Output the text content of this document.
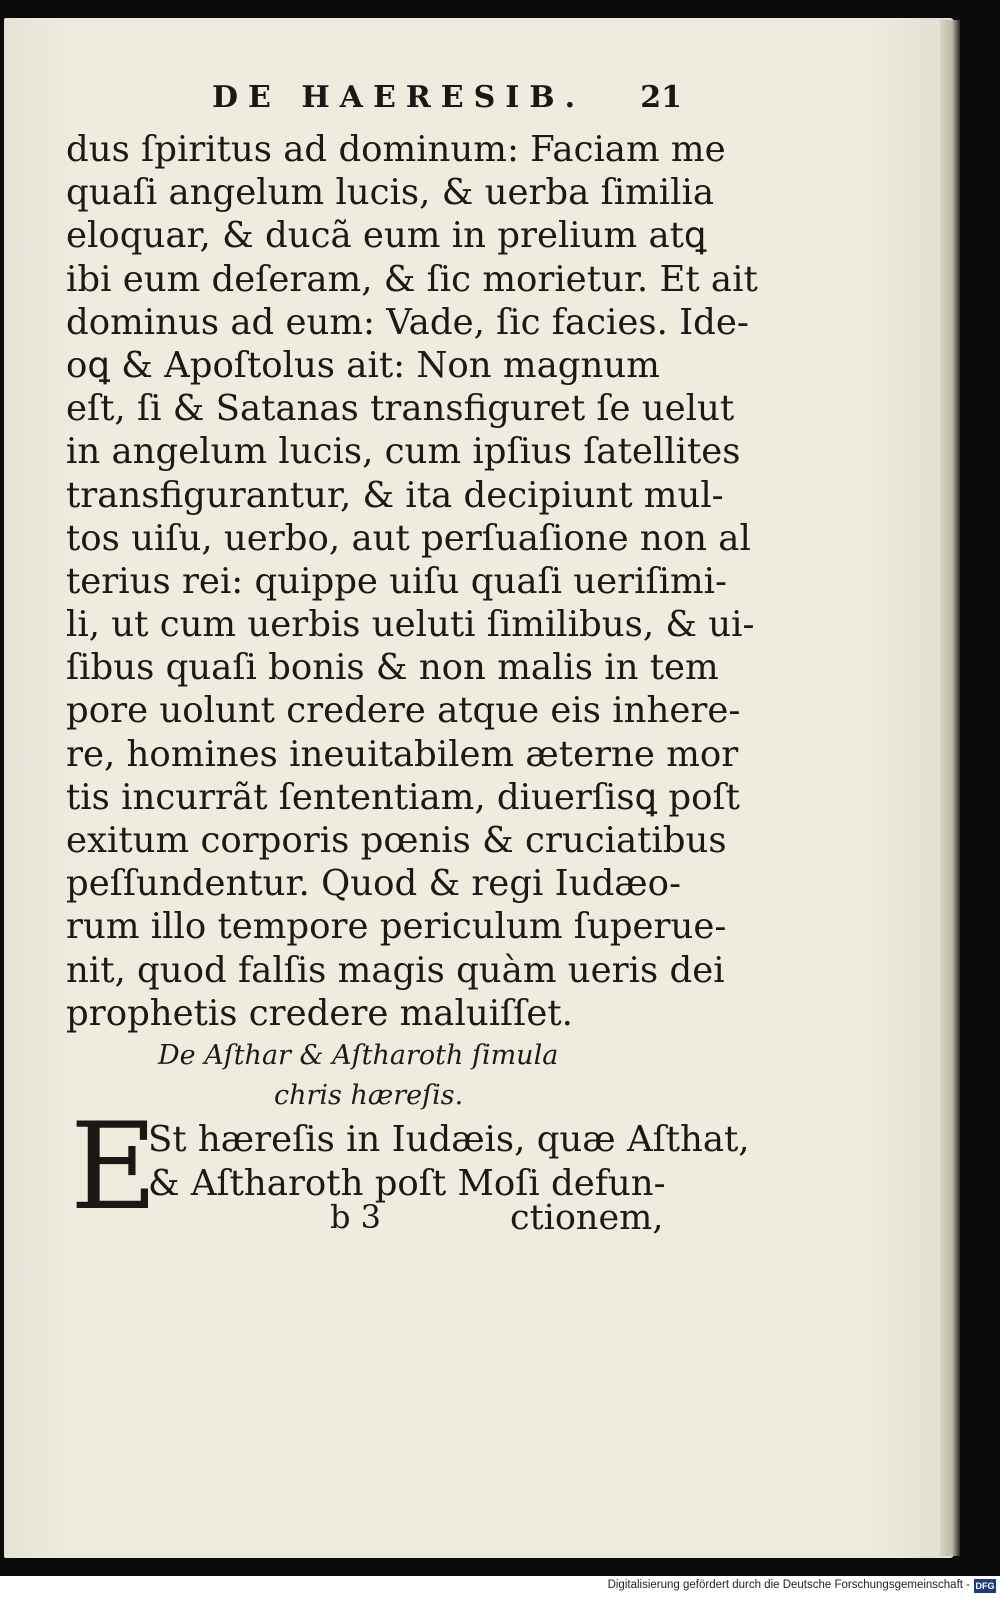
DE HAERESIB. 21
dus ſpiritus ad dominum: Faciam me
quaſi angelum lucis, & uerba ſimilia
eloquar, & ducã eum in prelium atꝗ
ibi eum deſeram, & ſic morietur. Et ait
dominus ad eum: Vade, ſic facies. Ide-
oꝗ & Apoſtolus ait: Non magnum
eſt, ſi & Satanas transfiguret ſe uelut
in angelum lucis, cum ipſius ſatellites
transfigurantur, & ita decipiunt mul-
tos uiſu, uerbo, aut perſuaſione non al
terius rei: quippe uiſu quaſi ueriſimi-
li, ut cum uerbis ueluti ſimilibus, & ui-
ſibus quaſi bonis & non malis in tem
pore uolunt credere atque eis inhere-
re, homines ineuitabilem æterne mor
tis incurrãt ſententiam, diuerſisꝗ poſt
exitum corporis pœnis & cruciatibus
peſſundentur. Quod & regi Iudæo-
rum illo tempore periculum ſuperue-
nit, quod falſis magis quàm ueris dei
prophetis credere maluiſſet.
De Aſthar & Aſtharoth ſimula
chris hæreſis.
E
St hæreſis in Iudæis, quæ Aſthat,
& Aſtharoth poſt Moſi defun-
b 3	ctionem,
Digitalisierung gefördert durch die Deutsche Forschungsgemeinschaft - DFG
